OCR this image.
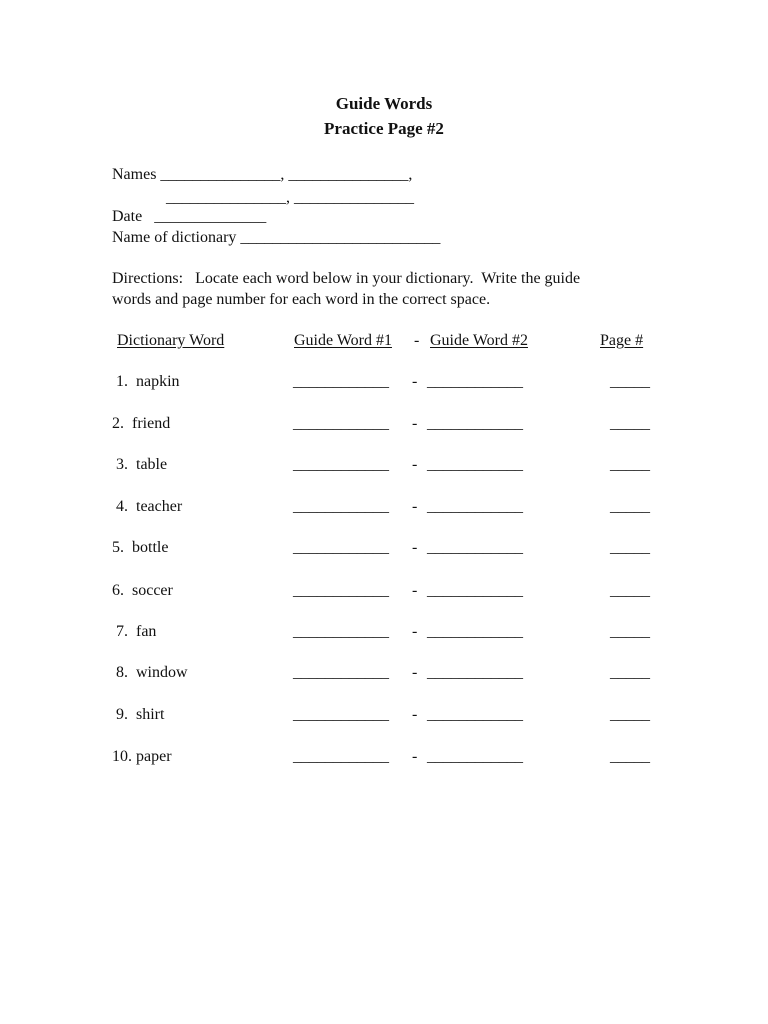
Guide Words
Practice Page #2
Names _______________, _______________,
_______________, _______________
Date   ______________
Name of dictionary _________________________
Directions:   Locate each word below in your dictionary.  Write the guide
words and page number for each word in the correct space.
Dictionary Word	Guide Word #1 - Guide Word #2	Page #
1.  napkin	____________ - ____________	_____
2.  friend	____________ - ____________	_____
3.  table	____________ - ____________	_____
4.  teacher	____________ - ____________	_____
5.  bottle	____________ - ____________	_____
6.  soccer	____________ - ____________	_____
7.  fan	____________ - ____________	_____
8.  window	____________ - ____________	_____
9.  shirt	____________ - ____________	_____
10. paper	____________ - ____________	_____
